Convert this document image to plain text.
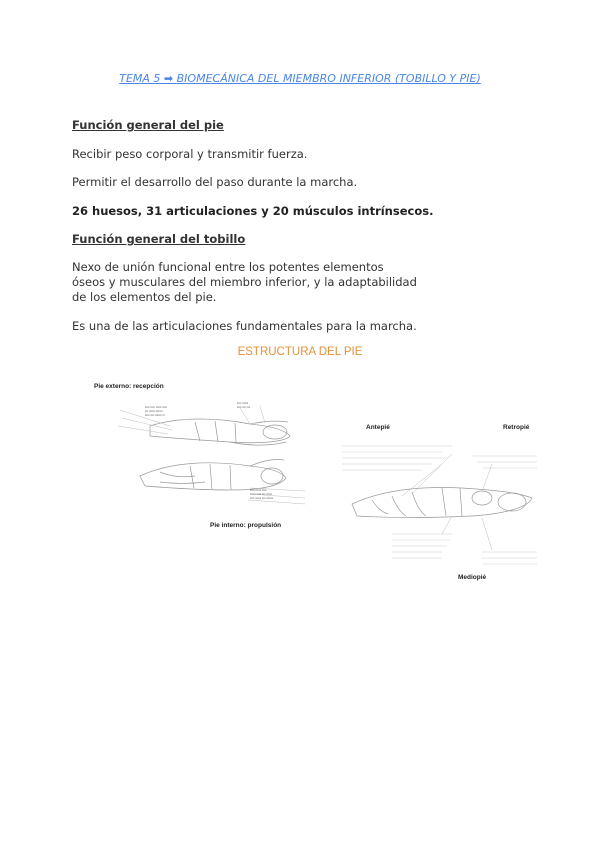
TEMA 5 ➡ BIOMECÁNICA DEL MIEMBRO INFERIOR (TOBILLO Y PIE)
Función general del pie
Recibir peso corporal y transmitir fuerza.
Permitir el desarrollo del paso durante la marcha.
26 huesos, 31 articulaciones y 20 músculos intrínsecos.
Función general del tobillo
Nexo de unión funcional entre los potentes elementos
óseos y musculares del miembro inferior, y la adaptabilidad
de los elementos del pie.
Es una de las articulaciones fundamentales para la marcha.
ESTRUCTURA DEL PIE
Pie externo: recepción
▪▪▪▪ ▪▪▪▪ ▪▪▪▪▪ ▪▪▪▪
▪▪▪ ▪▪▪▪▪ ▪▪▪▪▪▪
▪▪▪▪ ▪▪▪ ▪▪▪▪▪▪ ▪▪
▪▪▪▪ ▪▪▪▪▪
▪▪▪▪ ▪▪▪ ▪▪▪
▪▪▪▪ ▪▪▪▪▪ ▪▪▪▪
▪▪▪▪▪ ▪▪▪▪ ▪▪▪ ▪▪▪▪▪
▪▪▪▪ ▪▪▪▪▪ ▪▪▪ ▪▪▪▪▪▪
Pie interno: propulsión
Antepié	Retropié
Mediopié
